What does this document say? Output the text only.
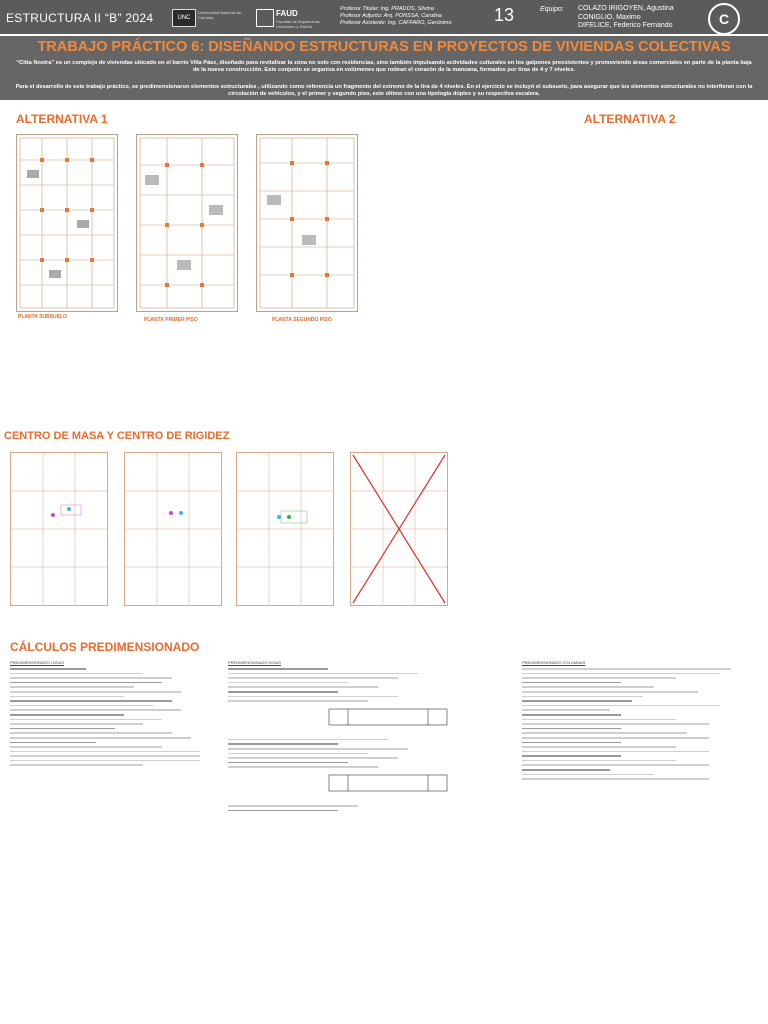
ESTRUCTURA II “B” 2024	UNC
Universidad Nacional de Córdoba	FAUD
Facultad de Arquitectura, Urbanismo y Diseño
Profesor Titular: Ing. PRADOS, Silvina
Profesor Adjunto: Arq. PONSSA, Carolina
Profesor Asistente: Ing. CAFFARO, Gerónimo 13	Equipo: COLAZO IRIGOYEN, Agustina
CONIGLIO, Maximo
DIFELICE, Federico Fernando	C
TRABAJO PRÁCTICO 6: DISEÑANDO ESTRUCTURAS EN PROYECTOS DE VIVIENDAS COLECTIVAS

“Citta Nostra” es un complejo de viviendas ubicado en el barrio Villa Páez, diseñado para revitalizar la zona no solo con residencias, sino también impulsando actividades culturales en los galpones preexistentes y promoviendo áreas comerciales en parte de la planta baja de la nueva construcción. Este conjunto se organiza en volúmenes que rodean el corazón de la manzana, formados por tiras de 4 y 7 niveles.

Para el desarrollo de este trabajo práctico, se predimensionaron elementos estructurales , utilizando como referencia un fragmento del extremo de la tira de 4 niveles. En el ejercicio se incluyó el subsuelo, para asegurar que los elementos estructurales no interfieran con la circulación de vehículos, y el primer y segundo piso, este último con una tipología dúplex y su respectiva escalera.

ALTERNATIVA 1	ALTERNATIVA 2
PLANTA SUBSUELO	PLANTA PRIMER PISO	PLANTA SEGUNDO PISO
CENTRO DE MASA Y CENTRO DE RIGIDEZ
CÁLCULOS PREDIMENSIONADO
PREDIMENSIONADO LOSAS	PREDIMENSIONADO VIGAS	PREDIMENSIONADO COLUMNAS
